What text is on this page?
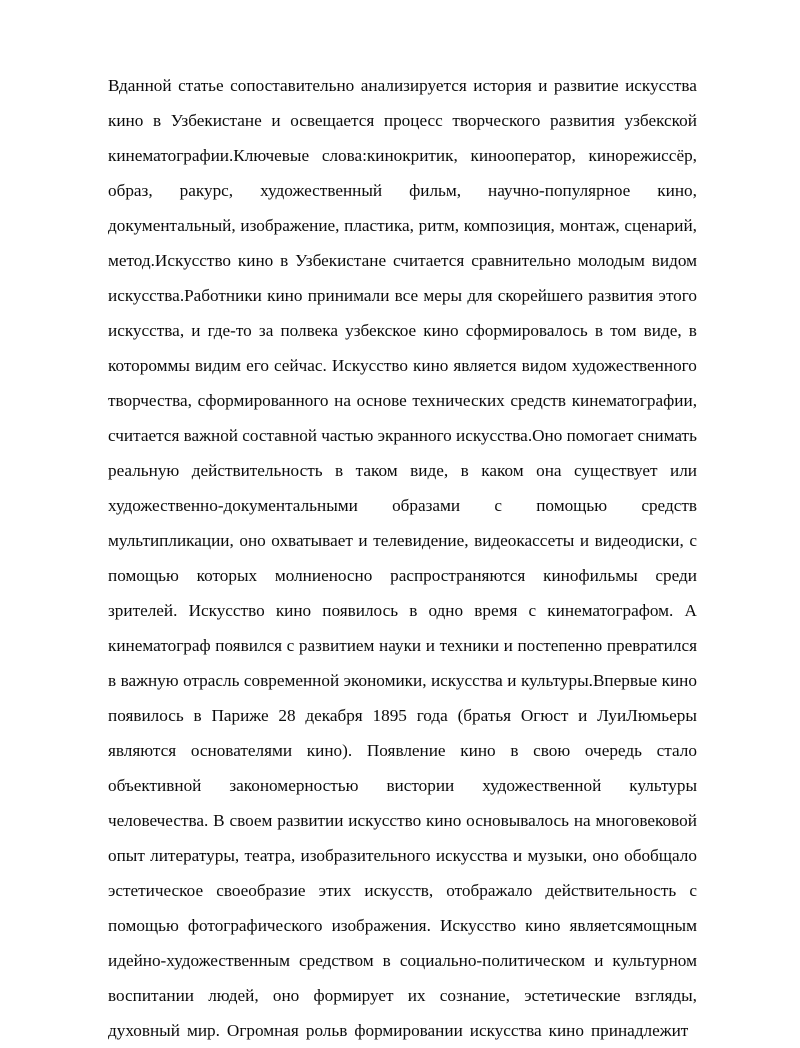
Вданной статье сопоставительно анализируется история и развитие искусства
кино в Узбекистане и освещается процесс творческого развития узбекской
кинематографии.Ключевые слова:кинокритик, кинооператор, кинорежиссёр,
образ, ракурс, художественный фильм, научно-популярное кино,
документальный, изображение, пластика, ритм, композиция, монтаж, сценарий,
метод.Искусство кино в Узбекистане считается сравнительно молодым видом
искусства.Работники кино принимали все меры для скорейшего развития этого
искусства, и где-то за полвека узбекское кино сформировалось в том виде, в
котороммы видим его сейчас. Искусство кино является видом художественного
творчества, сформированного на основе технических средств кинематографии,
считается важной составной частью экранного искусства.Оно помогает снимать
реальную действительность в таком виде, в каком она существует или
художественно-документальными образами с помощью средств
мультипликации, оно охватывает и телевидение, видеокассеты и видеодиски, с
помощью которых молниеносно распространяются кинофильмы среди
зрителей. Искусство кино появилось в одно время с кинематографом. А
кинематограф появился с развитием науки и техники и постепенно превратился
в важную отрасль современной экономики, искусства и культуры.Впервые кино
появилось в Париже 28 декабря 1895 года (братья Огюст и ЛуиЛюмьеры
являются основателями кино). Появление кино в свою очередь стало
объективной закономерностью вистории художественной культуры
человечества. В своем развитии искусство кино основывалось на многовековой
опыт литературы, театра, изобразительного искусства и музыки, оно обобщало
эстетическое своеобразие этих искусств, отображало действительность с
помощью фотографического изображения. Искусство кино являетсямощным
идейно-художественным средством в социально-политическом и культурном
воспитании людей, оно формирует их сознание, эстетические взгляды,
духовный мир. Огромная рольв формировании искусства кино принадлежит
